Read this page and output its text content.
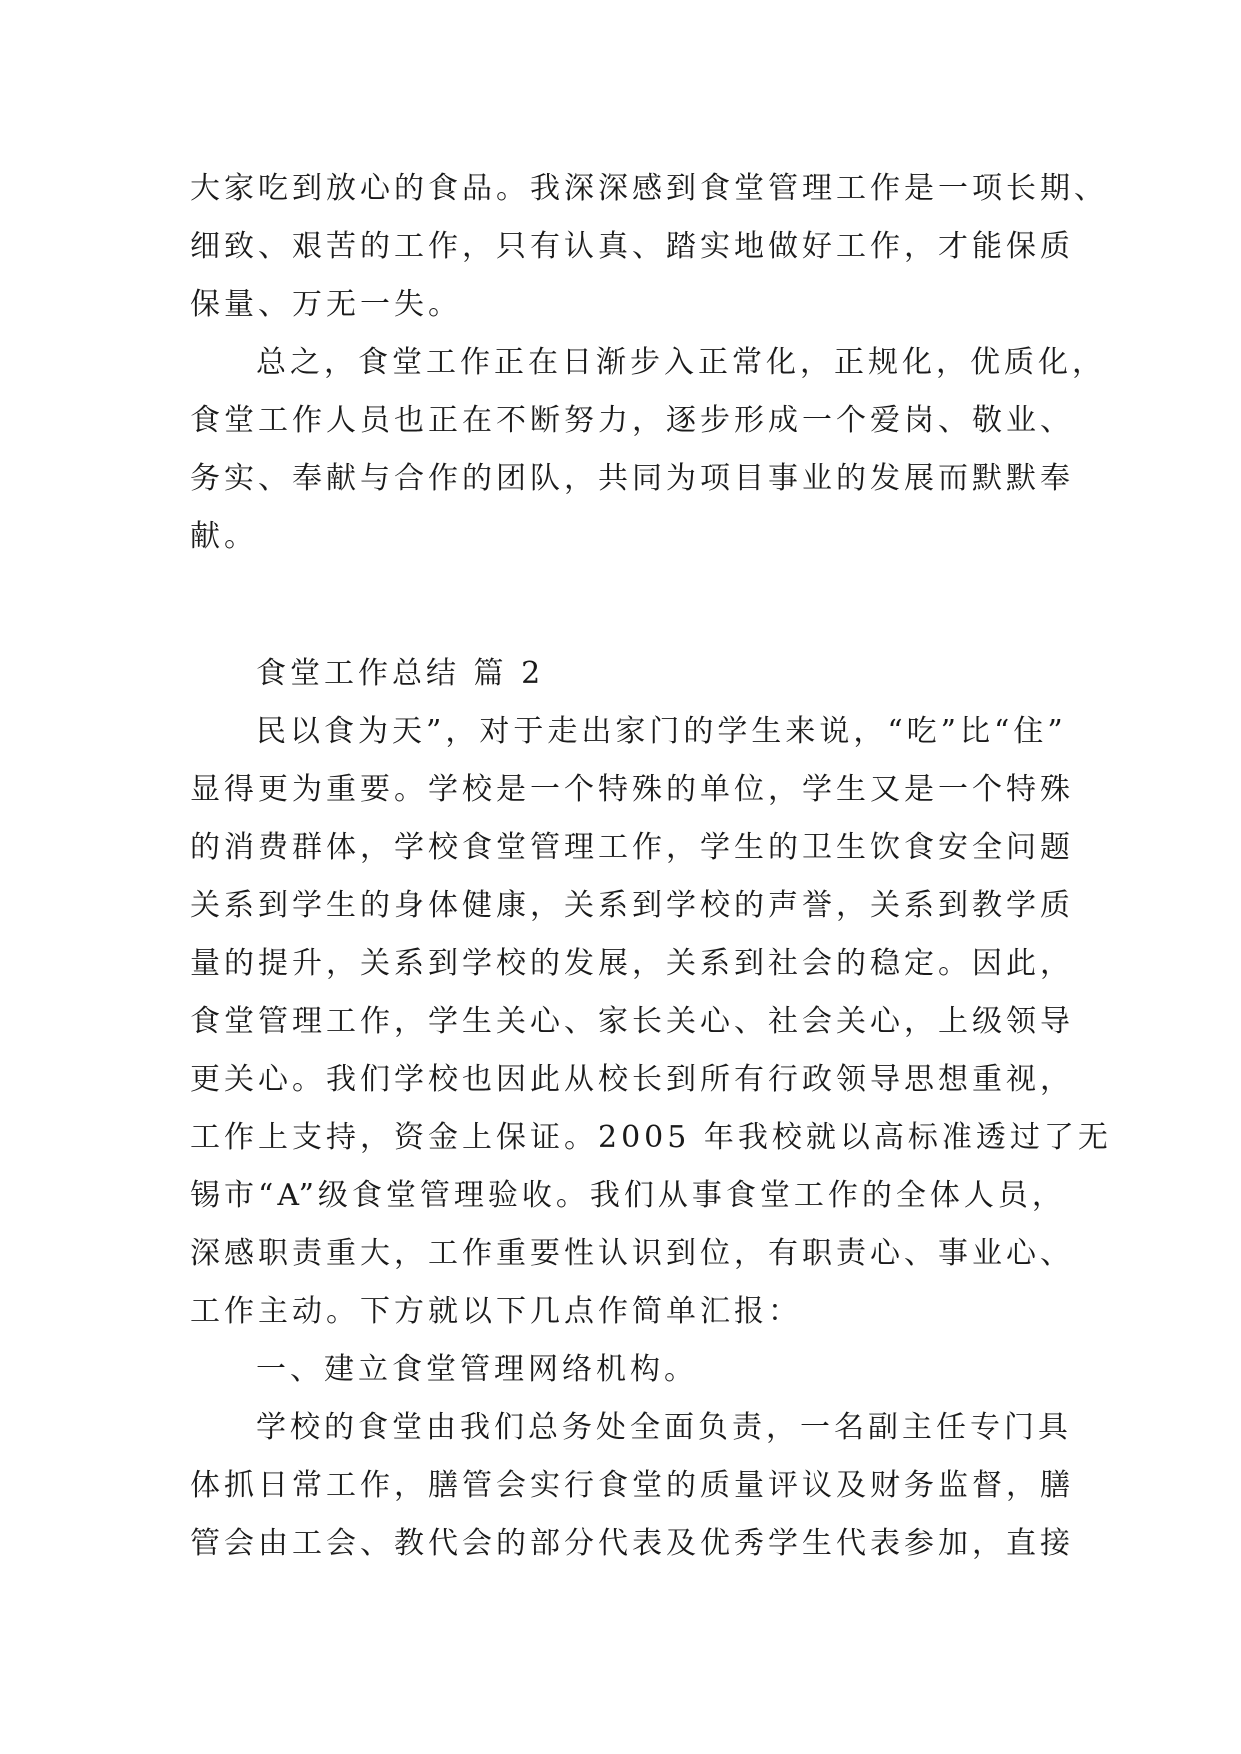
大家吃到放心的食品。我深深感到食堂管理工作是一项长期、
细致、艰苦的工作，只有认真、踏实地做好工作，才能保质
保量、万无一失。
总之，食堂工作正在日渐步入正常化，正规化，优质化，
食堂工作人员也正在不断努力，逐步形成一个爱岗、敬业、
务实、奉献与合作的团队，共同为项目事业的发展而默默奉
献。
食堂工作总结 篇 2
民以食为天”，对于走出家门的学生来说，“吃”比“住”
显得更为重要。学校是一个特殊的单位，学生又是一个特殊
的消费群体，学校食堂管理工作，学生的卫生饮食安全问题
关系到学生的身体健康，关系到学校的声誉，关系到教学质
量的提升，关系到学校的发展，关系到社会的稳定。因此，
食堂管理工作，学生关心、家长关心、社会关心，上级领导
更关心。我们学校也因此从校长到所有行政领导思想重视，
工作上支持，资金上保证。2005 年我校就以高标准透过了无
锡市“A”级食堂管理验收。我们从事食堂工作的全体人员，
深感职责重大，工作重要性认识到位，有职责心、事业心、
工作主动。下方就以下几点作简单汇报：
一、建立食堂管理网络机构。
学校的食堂由我们总务处全面负责，一名副主任专门具
体抓日常工作，膳管会实行食堂的质量评议及财务监督，膳
管会由工会、教代会的部分代表及优秀学生代表参加，直接
